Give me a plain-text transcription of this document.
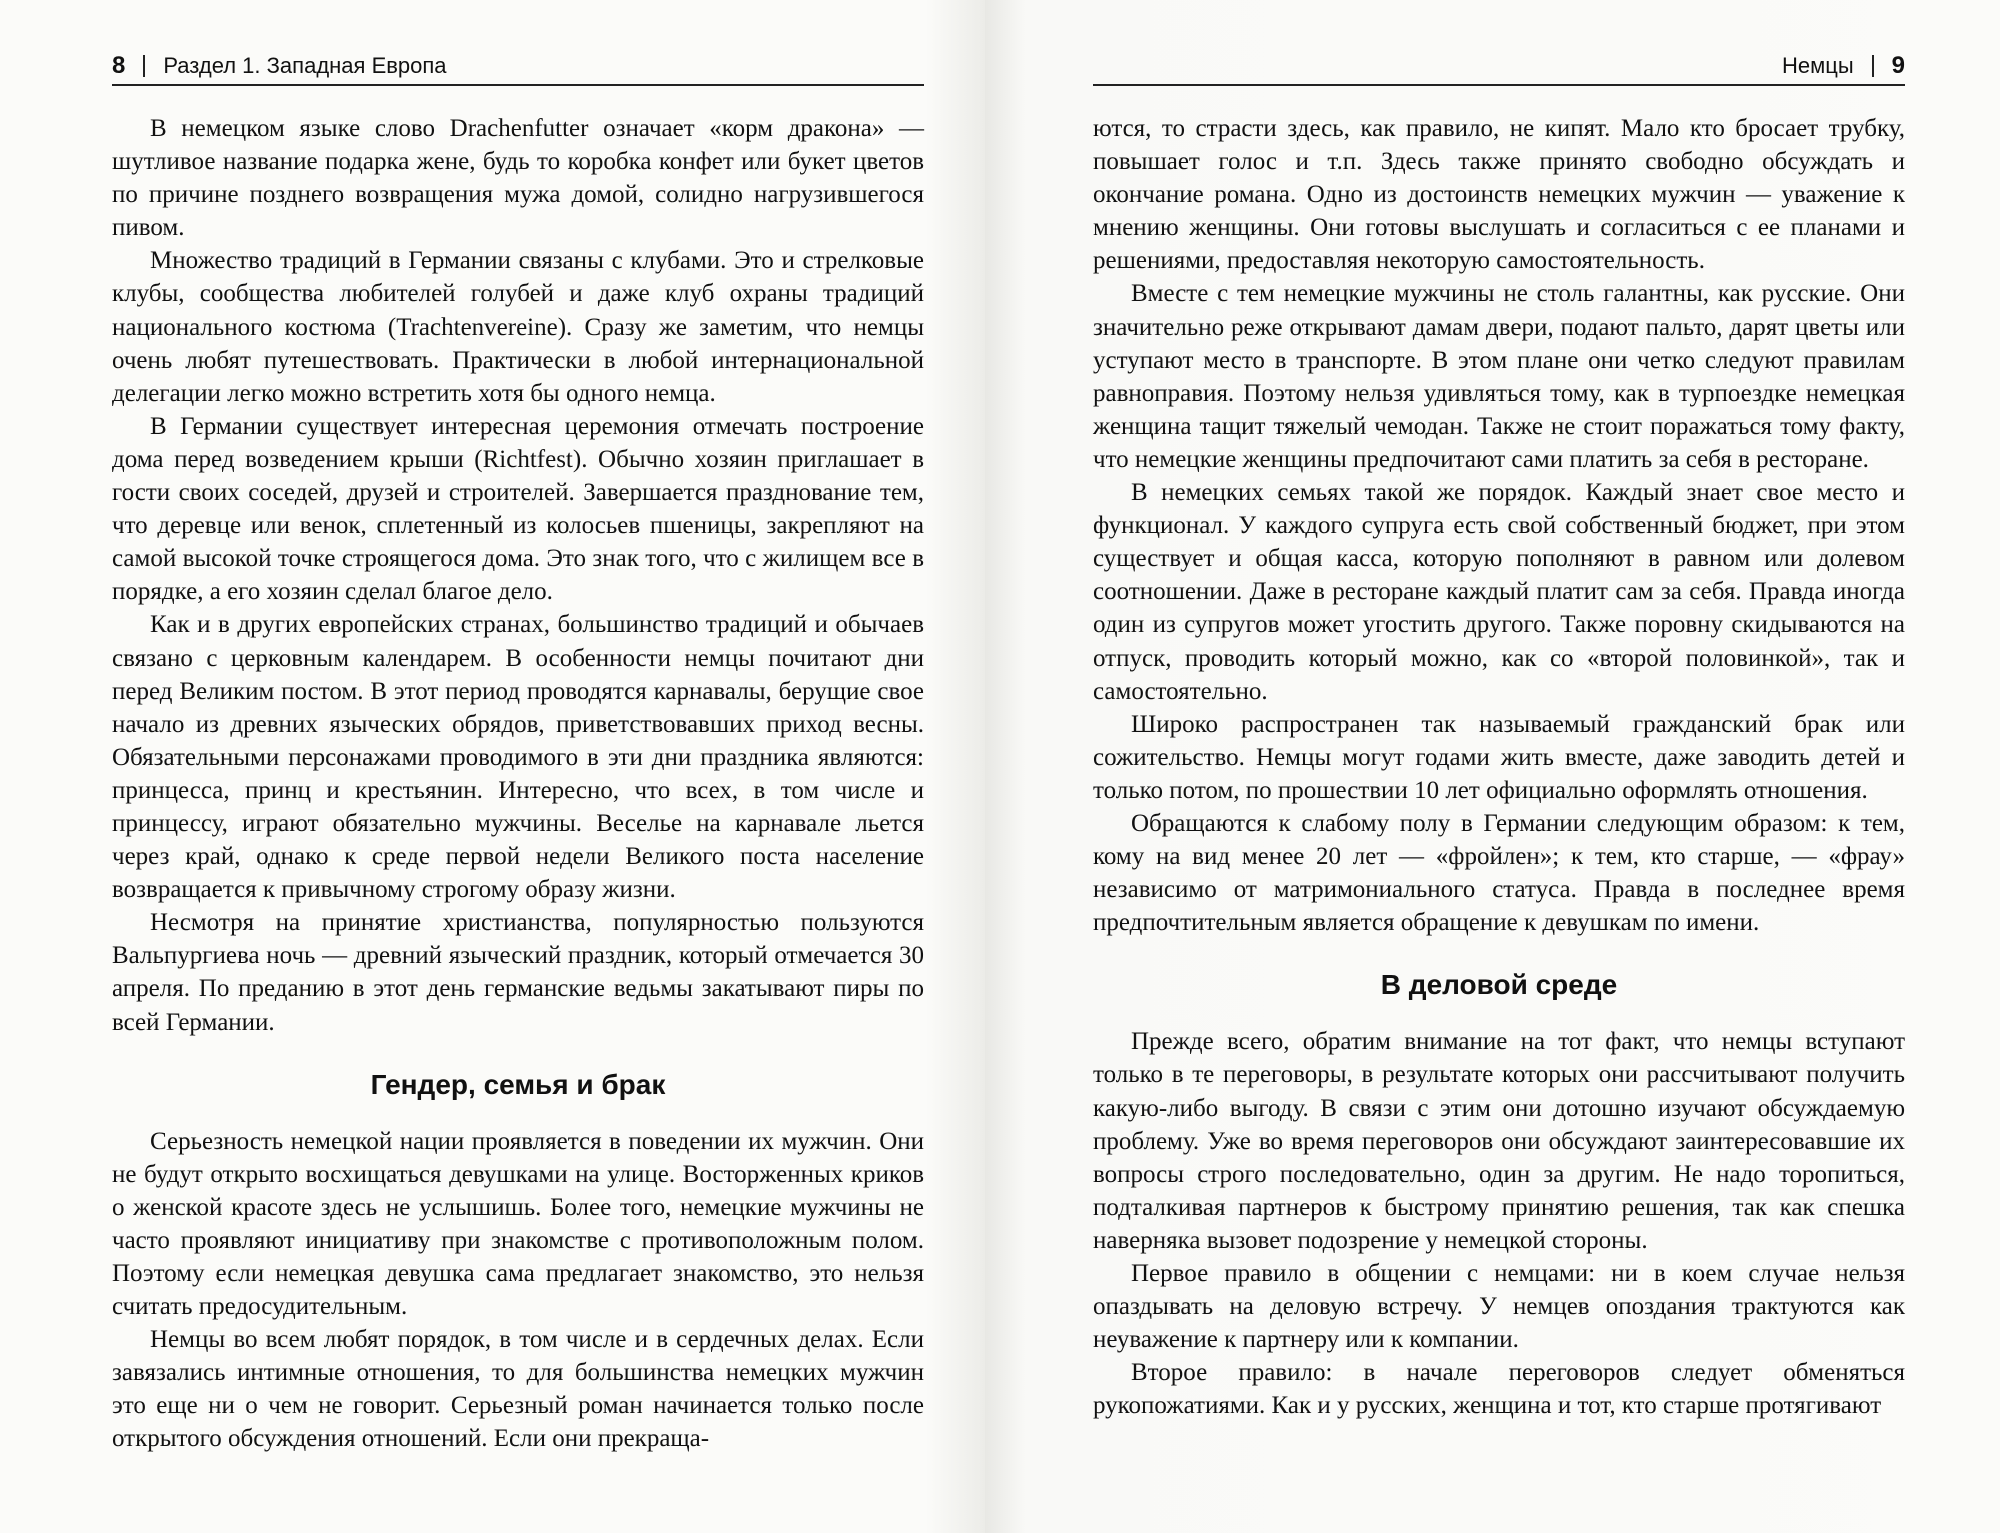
8 Раздел 1. Западная Европа

В немецком языке слово Drachenfutter означает «корм дракона» — шутливое название подарка жене, будь то коробка конфет или букет цветов по причине позднего возвращения мужа домой, солидно нагрузившегося пивом.

Множество традиций в Германии связаны с клубами. Это и стрелковые клубы, сообщества любителей голубей и даже клуб охраны традиций национального костюма (Trachtenvereine). Сразу же заметим, что немцы очень любят путешествовать. Практически в любой интернациональной делегации легко можно встретить хотя бы одного немца.

В Германии существует интересная церемония отмечать построение дома перед возведением крыши (Richtfest). Обычно хозяин приглашает в гости своих соседей, друзей и строителей. Завершается празднование тем, что деревце или венок, сплетенный из колосьев пшеницы, закрепляют на самой высокой точке строящегося дома. Это знак того, что с жилищем все в порядке, а его хозяин сделал благое дело.

Как и в других европейских странах, большинство традиций и обычаев связано с церковным календарем. В особенности немцы почитают дни перед Великим постом. В этот период проводятся карнавалы, берущие свое начало из древних языческих обрядов, приветствовавших приход весны. Обязательными персонажами проводимого в эти дни праздника являются: принцесса, принц и крестьянин. Интересно, что всех, в том числе и принцессу, играют обязательно мужчины. Веселье на карнавале льется через край, однако к среде первой недели Великого поста население возвращается к привычному строгому образу жизни.

Несмотря на принятие христианства, популярностью пользуются Вальпургиева ночь — древний языческий праздник, который отмечается 30 апреля. По преданию в этот день германские ведьмы закатывают пиры по всей Германии.

Гендер, семья и брак

Серьезность немецкой нации проявляется в поведении их мужчин. Они не будут открыто восхищаться девушками на улице. Восторженных криков о женской красоте здесь не услышишь. Более того, немецкие мужчины не часто проявляют инициативу при знакомстве с противоположным полом. Поэтому если немецкая девушка сама предлагает знакомство, это нельзя считать предосудительным.

Немцы во всем любят порядок, в том числе и в сердечных делах. Если завязались интимные отношения, то для большинства немецких мужчин это еще ни о чем не говорит. Серьезный роман начинается только после открытого обсуждения отношений. Если они прекраща-

Немцы 9

ются, то страсти здесь, как правило, не кипят. Мало кто бросает трубку, повышает голос и т.п. Здесь также принято свободно обсуждать и окончание романа. Одно из достоинств немецких мужчин — уважение к мнению женщины. Они готовы выслушать и согласиться с ее планами и решениями, предоставляя некоторую самостоятельность.

Вместе с тем немецкие мужчины не столь галантны, как русские. Они значительно реже открывают дамам двери, подают пальто, дарят цветы или уступают место в транспорте. В этом плане они четко следуют правилам равноправия. Поэтому нельзя удивляться тому, как в турпоездке немецкая женщина тащит тяжелый чемодан. Также не стоит поражаться тому факту, что немецкие женщины предпочитают сами платить за себя в ресторане.

В немецких семьях такой же порядок. Каждый знает свое место и функционал. У каждого супруга есть свой собственный бюджет, при этом существует и общая касса, которую пополняют в равном или долевом соотношении. Даже в ресторане каждый платит сам за себя. Правда иногда один из супругов может угостить другого. Также поровну скидываются на отпуск, проводить который можно, как со «второй половинкой», так и самостоятельно.

Широко распространен так называемый гражданский брак или сожительство. Немцы могут годами жить вместе, даже заводить детей и только потом, по прошествии 10 лет официально оформлять отношения.

Обращаются к слабому полу в Германии следующим образом: к тем, кому на вид менее 20 лет — «фройлен»; к тем, кто старше, — «фрау» независимо от матримониального статуса. Правда в последнее время предпочтительным является обращение к девушкам по имени.

В деловой среде

Прежде всего, обратим внимание на тот факт, что немцы вступают только в те переговоры, в результате которых они рассчитывают получить какую-либо выгоду. В связи с этим они дотошно изучают обсуждаемую проблему. Уже во время переговоров они обсуждают заинтересовавшие их вопросы строго последовательно, один за другим. Не надо торопиться, подталкивая партнеров к быстрому принятию решения, так как спешка наверняка вызовет подозрение у немецкой стороны.

Первое правило в общении с немцами: ни в коем случае нельзя опаздывать на деловую встречу. У немцев опоздания трактуются как неуважение к партнеру или к компании.

Второе правило: в начале переговоров следует обменяться рукопожатиями. Как и у русских, женщина и тот, кто старше протягивают
